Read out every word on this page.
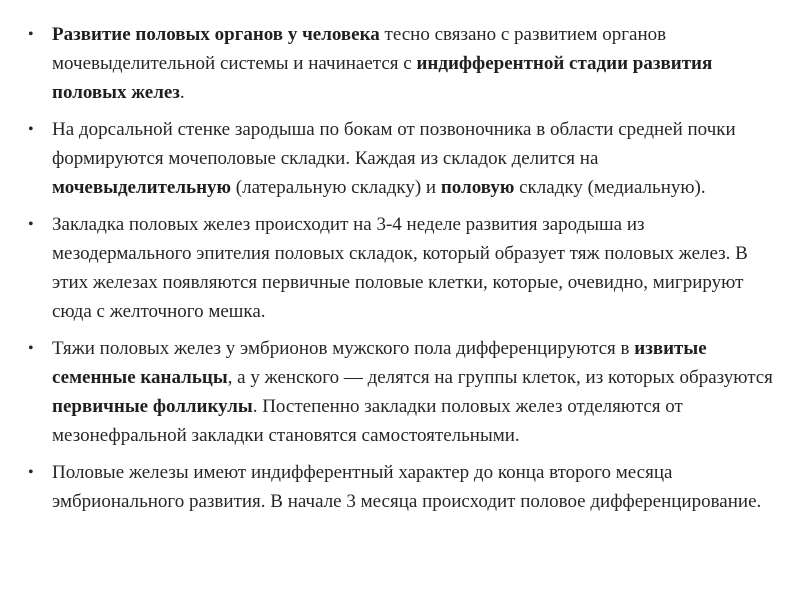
• Развитие половых органов у человека тесно связано с развитием органов мочевыделительной системы и начинается с индифферентной стадии развития половых желез.
• На дорсальной стенке зародыша по бокам от позвоночника в области средней почки формируются мочеполовые складки. Каждая из складок делится на мочевыделительную (латеральную складку) и половую складку (медиальную).
• Закладка половых желез происходит на 3-4 неделе развития зародыша из мезодермального эпителия половых складок, который образует тяж половых желез. В этих железах появляются первичные половые клетки, которые, очевидно, мигрируют сюда с желточного мешка.
• Тяжи половых желез у эмбрионов мужского пола дифференцируются в извитые семенные канальцы, а у женского — делятся на группы клеток, из которых образуются первичные фолликулы. Постепенно закладки половых желез отделяются от мезонефральной закладки становятся самостоятельными.
• Половые железы имеют индифферентный характер до конца второго месяца эмбрионального развития. В начале 3 месяца происходит половое дифференцирование.
